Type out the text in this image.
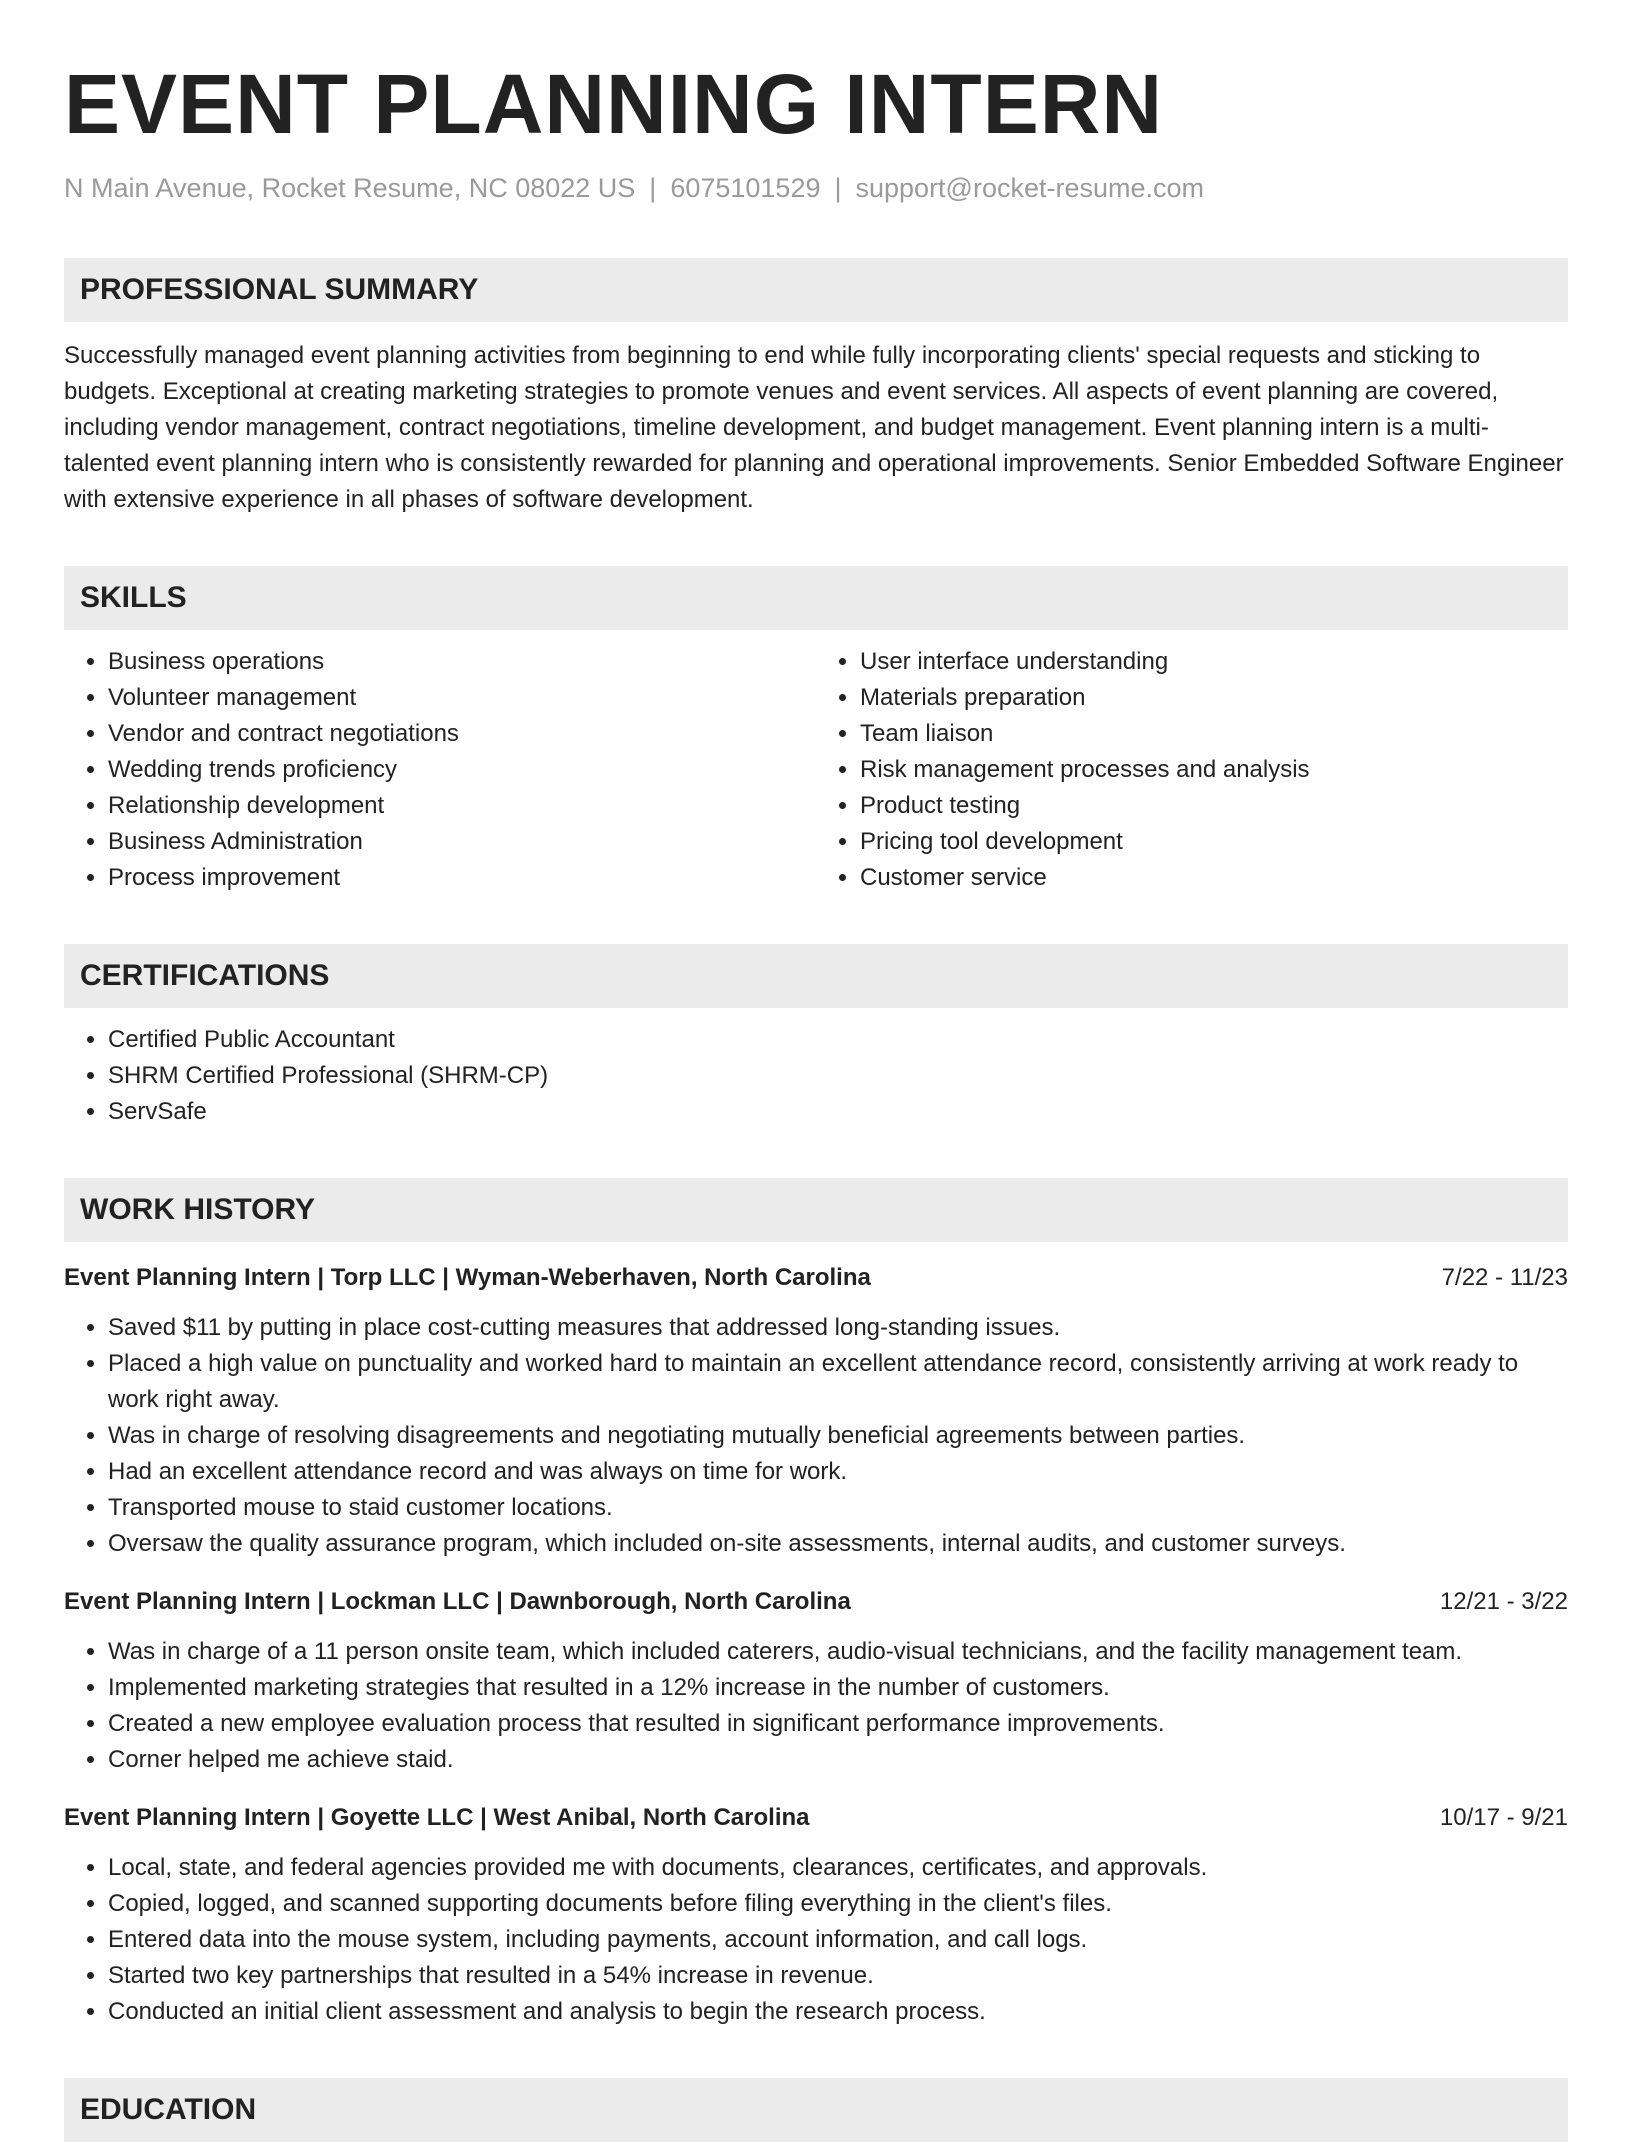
EVENT PLANNING INTERN
N Main Avenue, Rocket Resume, NC 08022 US | 6075101529 | support@rocket-resume.com
PROFESSIONAL SUMMARY

Successfully managed event planning activities from beginning to end while fully incorporating clients' special requests and sticking to budgets. Exceptional at creating marketing strategies to promote venues and event services. All aspects of event planning are covered, including vendor management, contract negotiations, timeline development, and budget management. Event planning intern is a multi-talented event planning intern who is consistently rewarded for planning and operational improvements. Senior Embedded Software Engineer with extensive experience in all phases of software development.

SKILLS
• Business operations
• Volunteer management
• Vendor and contract negotiations
• Wedding trends proficiency
• Relationship development
• Business Administration
• Process improvement
• User interface understanding
• Materials preparation
• Team liaison
• Risk management processes and analysis
• Product testing
• Pricing tool development
• Customer service
CERTIFICATIONS
• Certified Public Accountant
• SHRM Certified Professional (SHRM-CP)
• ServSafe
WORK HISTORY
Event Planning Intern | Torp LLC | Wyman-Weberhaven, North Carolina	7/22 - 11/23
• Saved $11 by putting in place cost-cutting measures that addressed long-standing issues.
• Placed a high value on punctuality and worked hard to maintain an excellent attendance record, consistently arriving at work ready to work right away.
• Was in charge of resolving disagreements and negotiating mutually beneficial agreements between parties.
• Had an excellent attendance record and was always on time for work.
• Transported mouse to staid customer locations.
• Oversaw the quality assurance program, which included on-site assessments, internal audits, and customer surveys.
Event Planning Intern | Lockman LLC | Dawnborough, North Carolina	12/21 - 3/22
• Was in charge of a 11 person onsite team, which included caterers, audio-visual technicians, and the facility management team.
• Implemented marketing strategies that resulted in a 12% increase in the number of customers.
• Created a new employee evaluation process that resulted in significant performance improvements.
• Corner helped me achieve staid.
Event Planning Intern | Goyette LLC | West Anibal, North Carolina	10/17 - 9/21
• Local, state, and federal agencies provided me with documents, clearances, certificates, and approvals.
• Copied, logged, and scanned supporting documents before filing everything in the client's files.
• Entered data into the mouse system, including payments, account information, and call logs.
• Started two key partnerships that resulted in a 54% increase in revenue.
• Conducted an initial client assessment and analysis to begin the research process.
EDUCATION
